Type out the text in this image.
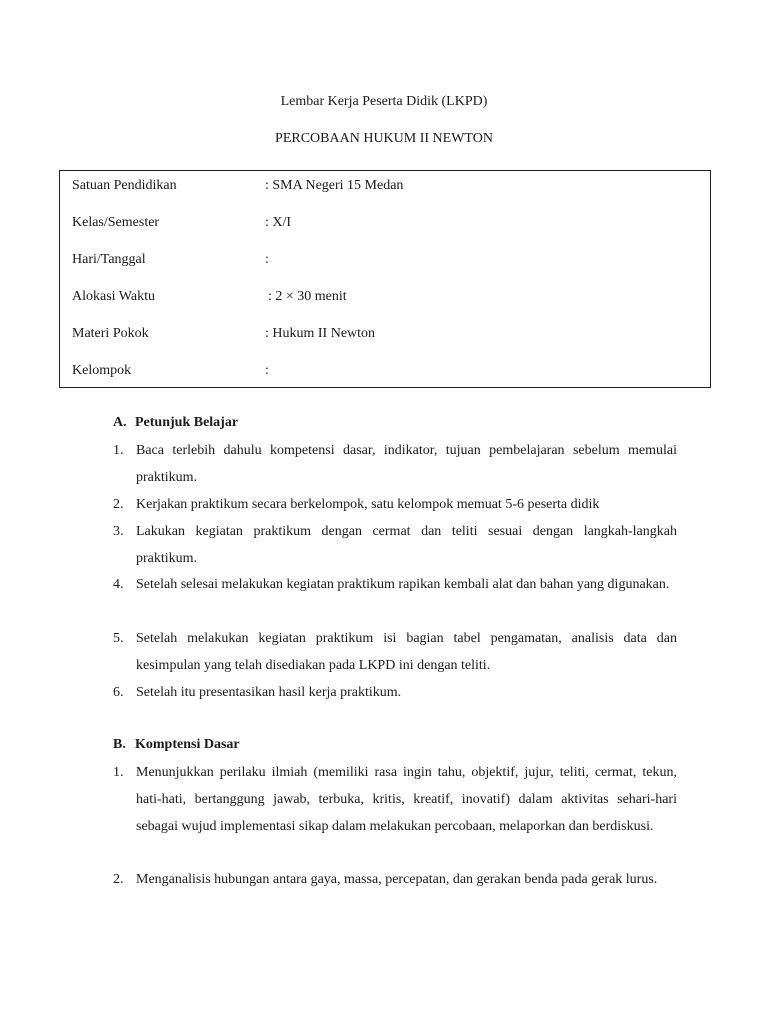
Lembar Kerja Peserta Didik (LKPD)
PERCOBAAN HUKUM II NEWTON
Satuan Pendidikan	: SMA Negeri 15 Medan
Kelas/Semester	: X/I
Hari/Tanggal	:
Alokasi Waktu	: 2 × 30 menit
Materi Pokok	: Hukum II Newton
Kelompok	:
A. Petunjuk Belajar
1. Baca terlebih dahulu kompetensi dasar, indikator, tujuan pembelajaran sebelum memulai praktikum.
2. Kerjakan praktikum secara berkelompok, satu kelompok memuat 5-6 peserta didik
3. Lakukan kegiatan praktikum dengan cermat dan teliti sesuai dengan langkah-langkah praktikum.
4. Setelah selesai melakukan kegiatan praktikum rapikan kembali alat dan bahan yang digunakan.
5. Setelah melakukan kegiatan praktikum isi bagian tabel pengamatan, analisis data dan kesimpulan yang telah disediakan pada LKPD ini dengan teliti.
6. Setelah itu presentasikan hasil kerja praktikum.
B. Komptensi Dasar
1. Menunjukkan perilaku ilmiah (memiliki rasa ingin tahu, objektif, jujur, teliti, cermat, tekun, hati-hati, bertanggung jawab, terbuka, kritis, kreatif, inovatif) dalam aktivitas sehari-hari sebagai wujud implementasi sikap dalam melakukan percobaan, melaporkan dan berdiskusi.
2. Menganalisis hubungan antara gaya, massa, percepatan, dan gerakan benda pada gerak lurus.
